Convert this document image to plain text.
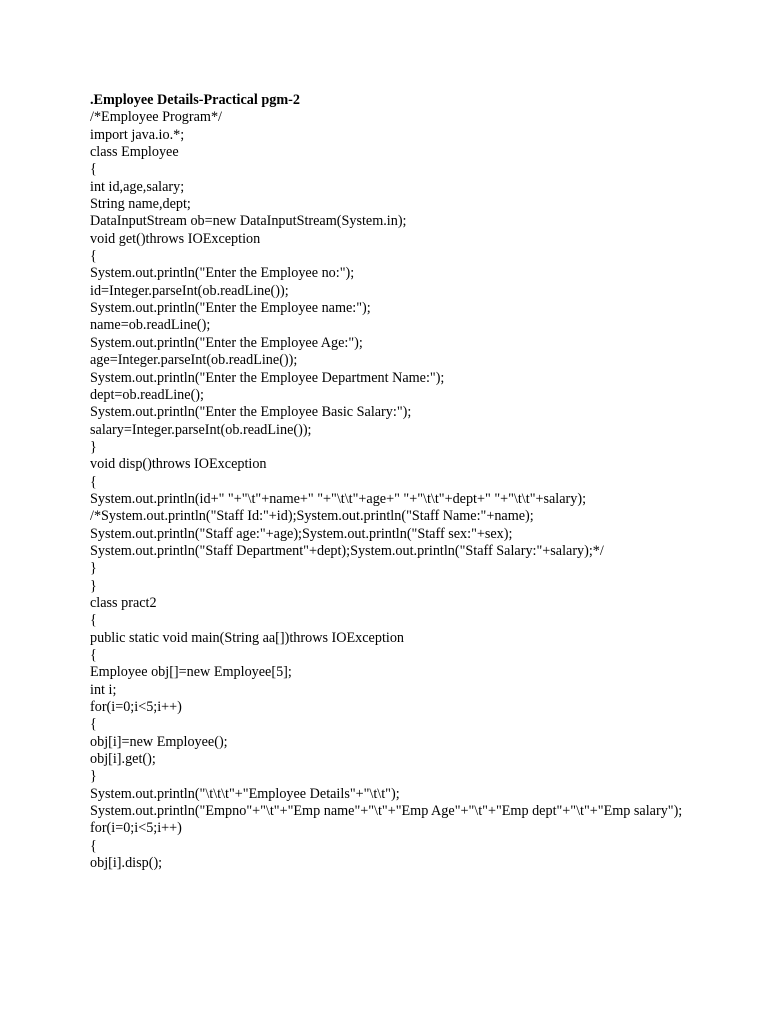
.Employee Details-Practical pgm-2
/*Employee Program*/
import java.io.*;
class Employee
{
int id,age,salary;
String name,dept;
DataInputStream ob=new DataInputStream(System.in);
void get()throws IOException
{
System.out.println("Enter the Employee no:");
id=Integer.parseInt(ob.readLine());
System.out.println("Enter the Employee name:");
name=ob.readLine();
System.out.println("Enter the Employee Age:");
age=Integer.parseInt(ob.readLine());
System.out.println("Enter the Employee Department Name:");
dept=ob.readLine();
System.out.println("Enter the Employee Basic Salary:");
salary=Integer.parseInt(ob.readLine());
}
void disp()throws IOException
{
System.out.println(id+" "+"\t"+name+" "+"\t\t"+age+" "+"\t\t"+dept+" "+"\t\t"+salary);
/*System.out.println("Staff Id:"+id);System.out.println("Staff Name:"+name);
System.out.println("Staff age:"+age);System.out.println("Staff sex:"+sex);
System.out.println("Staff Department"+dept);System.out.println("Staff Salary:"+salary);*/
}
}
class pract2
{
public static void main(String aa[])throws IOException
{
Employee obj[]=new Employee[5];
int i;
for(i=0;i<5;i++)
{
obj[i]=new Employee();
obj[i].get();
}
System.out.println("\t\t\t"+"Employee Details"+"\t\t");
System.out.println("Empno"+"\t"+"Emp name"+"\t"+"Emp Age"+"\t"+"Emp dept"+"\t"+"Emp salary");
for(i=0;i<5;i++)
{
obj[i].disp();
